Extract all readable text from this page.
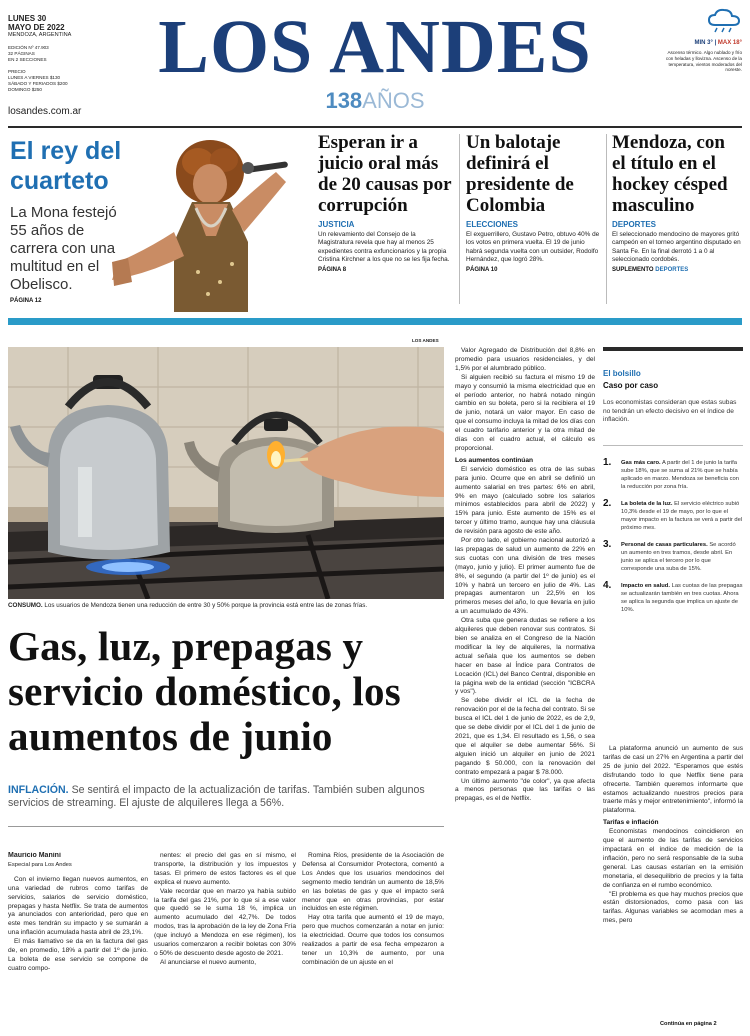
LUNES 30
MAYO DE 2022
MENDOZA, ARGENTINA
EDICIÓN Nº 47.903
32 PÁGINAS
EN 2 SECCIONES
PRECIO
LUNES A VIERNES $130
SÁBADO Y FERIADOS $200
DOMINGO $250
losandes.com.ar
LOS ANDES
138AÑOS
MIN 3° | MAX 18°
Ascenso térmico. Algo nublado y frío con heladas y llovizna. Ascenso de la temperatura, vientos moderados del noreste.
El rey del cuarteto
La Mona festejó 55 años de carrera con una multitud en el Obelisco.
PÁGINA 12
Esperan ir a juicio oral más de 20 causas por corrupción
JUSTICIA
Un relevamiento del Consejo de la Magistratura revela que hay al menos 25 expedientes contra exfuncionarios y la propia Cristina Kirchner a los que no se les fija fecha.
PÁGINA 8
Un balotaje definirá el presidente de Colombia
ELECCIONES
El exguerrillero, Gustavo Petro, obtuvo 40% de los votos en primera vuelta. El 19 de junio habrá segunda vuelta con un outsider, Rodolfo Hernández, que logró 28%.
PÁGINA 10
Mendoza, con el título en el hockey césped masculino
DEPORTES
El seleccionado mendocino de mayores gritó campeón en el torneo argentino disputado en Santa Fe. En la final derrotó 1 a 0 al seleccionado cordobés.
SUPLEMENTO DEPORTES
LOS ANDES
CONSUMO. Los usuarios de Mendoza tienen una reducción de entre 30 y 50% porque la provincia está entre las de zonas frías.
Gas, luz, prepagas y servicio doméstico, los aumentos de junio
INFLACIÓN. Se sentirá el impacto de la actualización de tarifas. También suben algunos servicios de streaming. El ajuste de alquileres llega a 56%.

Mauricio Manini

Especial para Los Andes

Con el invierno llegan nuevos aumentos, en una variedad de rubros como tarifas de servicios, salarios de servicio doméstico, prepagas y hasta Netflix. Se trata de aumentos ya anunciados con anterioridad, pero que en este mes tendrán su impacto y se sumarán a una inflación acumulada hasta abril de 23,1%.

El más llamativo se da en la factura del gas de, en promedio, 18% a partir del 1º de junio. La boleta de ese servicio se compone de cuatro compo-

nentes: el precio del gas en sí mismo, el transporte, la distribución y los impuestos y tasas. El primero de estos factores es el que explica el nuevo aumento.

Vale recordar que en marzo ya había subido la tarifa del gas 21%, por lo que si a ese valor que quedó se le suma 18 %, implica un aumento acumulado del 42,7%. De todos modos, tras la aprobación de la ley de Zona Fría (que incluyó a Mendoza en ese régimen), los usuarios comenzaron a recibir boletas con 30% o 50% de descuento desde agosto de 2021.

Al anunciarse el nuevo aumento,

Romina Ríos, presidente de la Asociación de Defensa al Consumidor Protectora, comentó a Los Andes que los usuarios mendocinos del segmento medio tendrán un aumento de 18,5% en las boletas de gas y que el impacto será menor que en otras provincias, por estar incluidos en este régimen.

Hay otra tarifa que aumentó el 19 de mayo, pero que muchos comenzarán a notar en junio: la electricidad. Ocurre que todos los consumos realizados a partir de esa fecha empezaron a tener un 10,3% de aumento, por una combinación de un ajuste en el

Valor Agregado de Distribución del 8,8% en promedio para usuarios residenciales, y del 1,5% por el alumbrado público.

Si alguien recibió su factura el mismo 19 de mayo y consumió la misma electricidad que en el período anterior, no habrá notado ningún cambio en su boleta, pero si la recibiera el 19 de junio, notará un valor mayor. En caso de que el consumo incluya la mitad de los días con el cuadro tarifario anterior y la otra mitad de días con el cuadro actual, el cálculo es proporcional.

Los aumentos continúan

El servicio doméstico es otra de las subas para junio. Ocurre que en abril se definió un aumento salarial en tres partes: 6% en abril, 9% en mayo (calculado sobre los salarios mínimos establecidos para abril de 2022) y 15% para junio. Este aumento de 15% es el tercer y último tramo, aunque hay una cláusula de revisión para agosto de este año.

Por otro lado, el gobierno nacional autorizó a las prepagas de salud un aumento de 22% en sus cuotas con una división de tres meses (mayo, junio y julio). El primer aumento fue de 8%, el segundo (a partir del 1º de junio) es el 10% y habrá un tercero en julio de 4%. Las prepagas aumentaron un 22,5% en los primeros meses del año, lo que llevaría en julio a un acumulado de 43%.

Otra suba que genera dudas se refiere a los alquileres que deben renovar sus contratos. Si bien se analiza en el Congreso de la Nación modificar la ley de alquileres, la normativa actual señala que los aumentos se deben hacer en base al Índice para Contratos de Locación (ICL) del Banco Central, disponible en la página web de la entidad (sección "ICBCRA y vos").

Se debe dividir el ICL de la fecha de renovación por el de la fecha del contrato. Si se busca el ICL del 1 de junio de 2022, es de 2,9, que se debe dividir por el ICL del 1 de junio de 2021, que es 1,34. El resultado es 1,56, o sea que el alquiler se debe aumentar 56%. Si alguien inició un alquiler en junio de 2021 pagando $ 50.000, con la renovación del contrato empezará a pagar $ 78.000.

Un último aumento "de color", ya que afecta a menos personas que las tarifas o las prepagas, es el de Netflix.

El bolsillo
Caso por caso
Los economistas consideran que estas subas no tendrán un efecto decisivo en el índice de inflación.
1. Gas más caro. A partir del 1 de junio la tarifa sube 18%, que se suma al 21% que se había aplicado en marzo. Mendoza se beneficia con la reducción por zona fría.
2. La boleta de la luz. El servicio eléctrico subió 10,3% desde el 19 de mayo, por lo que el mayor impacto en la factura se verá a partir del próximo mes.
3. Personal de casas particulares. Se acordó un aumento en tres tramos, desde abril. En junio se aplica el tercero por lo que corresponde una suba de 15%.
4. Impacto en salud. Las cuotas de las prepagas se actualizarán también en tres cuotas. Ahora se aplica la segunda que implica un ajuste de 10%.

La plataforma anunció un aumento de sus tarifas de casi un 27% en Argentina a partir del 25 de junio del 2022. "Esperamos que estés disfrutando todo lo que Netflix tiene para ofrecerte. También queremos informarte que estamos actualizando nuestros precios para traerte más y mejor entretenimiento", informó la plataforma.

Tarifas e inflación

Economistas mendocinos coincidieron en que el aumento de las tarifas de servicios impactará en el índice de medición de la inflación, pero no será responsable de la suba general. Las causas estarían en la emisión monetaria, el desequilibrio de precios y la falta de confianza en el rumbo económico.

"El problema es que hay muchos precios que están distorsionados, como pasa con las tarifas. Algunas variables se acomodan mes a mes, pero

Continúa en página 2
